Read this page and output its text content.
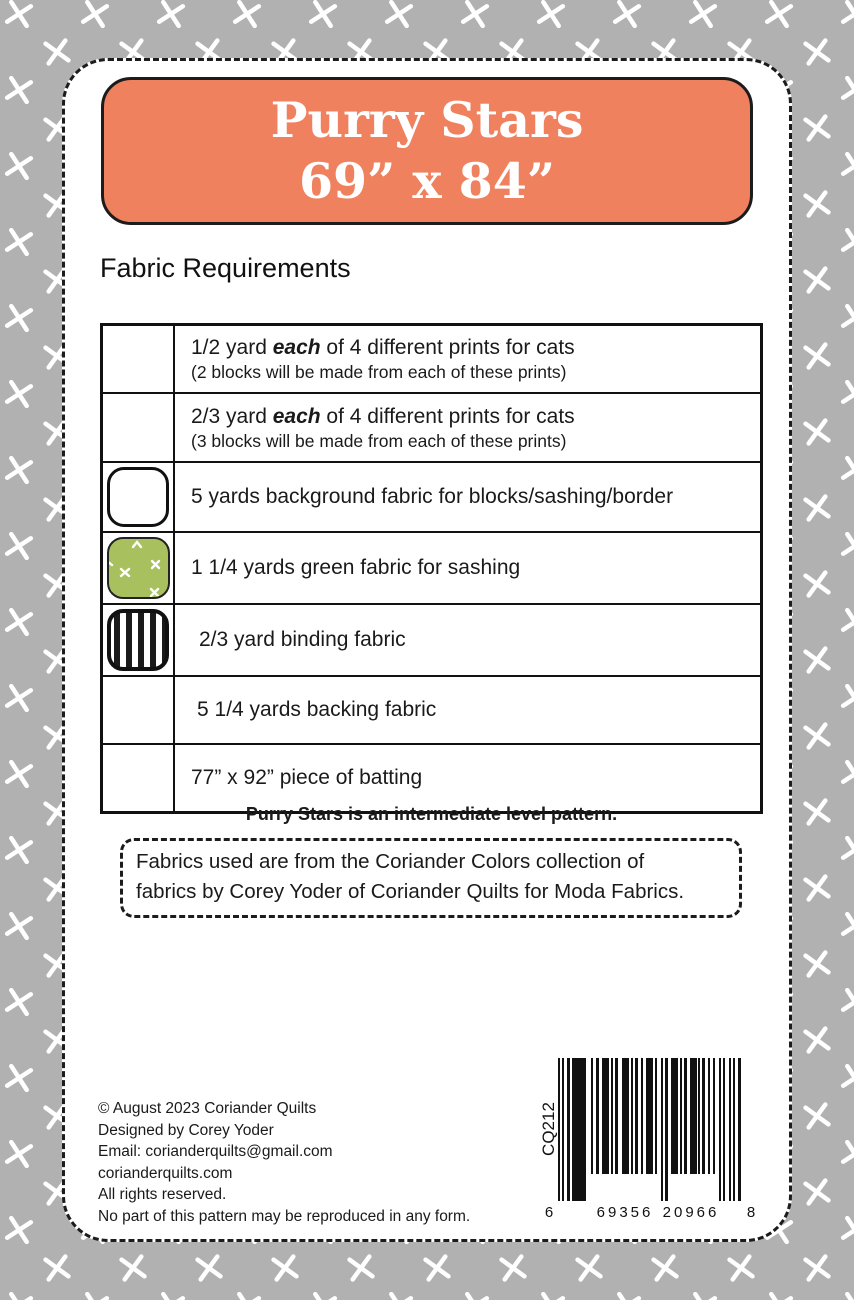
Purry Stars
69” x 84”
Fabric Requirements

	1/2 yard each of 4 different prints for cats
(2 blocks will be made from each of these prints)

	2/3 yard each of 4 different prints for cats
(3 blocks will be made from each of these prints)

5 yards background fabric for blocks/sashing/border

1 1/4 yards green fabric for sashing

2/3 yard binding fabric

5 1/4 yards backing fabric

77” x 92” piece of batting
Purry Stars is an intermediate level pattern.
Fabrics used are from the Coriander Colors collection of
fabrics by Corey Yoder of Coriander Quilts for Moda Fabrics.
© August 2023 Coriander Quilts
Designed by Corey Yoder
Email: corianderquilts@gmail.com
corianderquilts.com
All rights reserved.
No part of this pattern may be reproduced in any form.
CQ212
6	69356 20966 8
